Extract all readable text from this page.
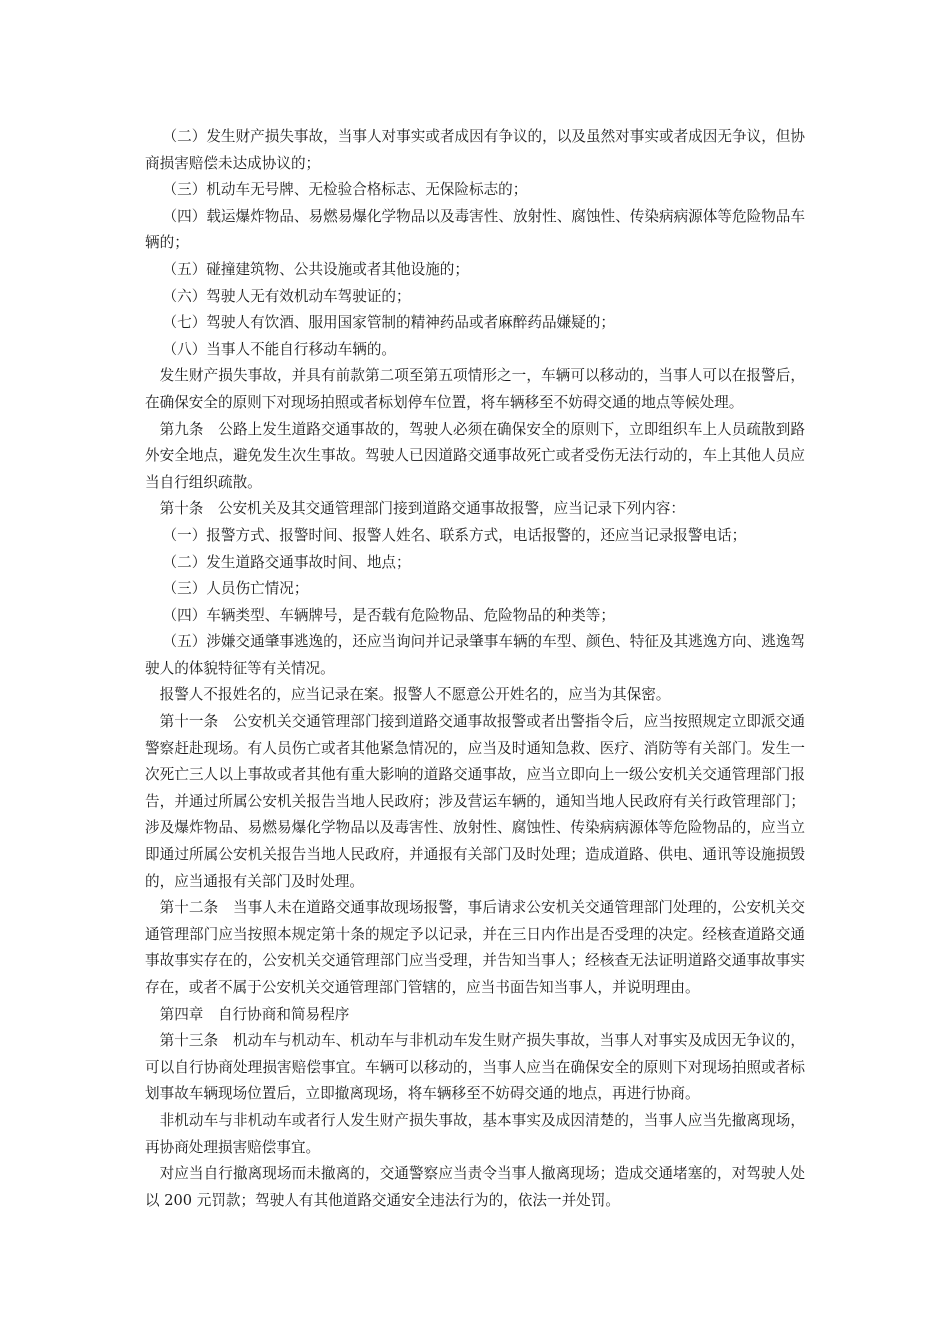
（二）发生财产损失事故，当事人对事实或者成因有争议的，以及虽然对事实或者成因无争议，但协商损害赔偿未达成协议的；

（三）机动车无号牌、无检验合格标志、无保险标志的；

（四）载运爆炸物品、易燃易爆化学物品以及毒害性、放射性、腐蚀性、传染病病源体等危险物品车辆的；

（五）碰撞建筑物、公共设施或者其他设施的；

（六）驾驶人无有效机动车驾驶证的；

（七）驾驶人有饮酒、服用国家管制的精神药品或者麻醉药品嫌疑的；

（八）当事人不能自行移动车辆的。

发生财产损失事故，并具有前款第二项至第五项情形之一，车辆可以移动的，当事人可以在报警后，在确保安全的原则下对现场拍照或者标划停车位置，将车辆移至不妨碍交通的地点等候处理。

第九条　公路上发生道路交通事故的，驾驶人必须在确保安全的原则下，立即组织车上人员疏散到路外安全地点，避免发生次生事故。驾驶人已因道路交通事故死亡或者受伤无法行动的，车上其他人员应当自行组织疏散。

第十条　公安机关及其交通管理部门接到道路交通事故报警，应当记录下列内容：

（一）报警方式、报警时间、报警人姓名、联系方式，电话报警的，还应当记录报警电话；

（二）发生道路交通事故时间、地点；

（三）人员伤亡情况；

（四）车辆类型、车辆牌号，是否载有危险物品、危险物品的种类等；

（五）涉嫌交通肇事逃逸的，还应当询问并记录肇事车辆的车型、颜色、特征及其逃逸方向、逃逸驾驶人的体貌特征等有关情况。

报警人不报姓名的，应当记录在案。报警人不愿意公开姓名的，应当为其保密。

第十一条　公安机关交通管理部门接到道路交通事故报警或者出警指令后，应当按照规定立即派交通警察赶赴现场。有人员伤亡或者其他紧急情况的，应当及时通知急救、医疗、消防等有关部门。发生一次死亡三人以上事故或者其他有重大影响的道路交通事故，应当立即向上一级公安机关交通管理部门报告，并通过所属公安机关报告当地人民政府；涉及营运车辆的，通知当地人民政府有关行政管理部门；涉及爆炸物品、易燃易爆化学物品以及毒害性、放射性、腐蚀性、传染病病源体等危险物品的，应当立即通过所属公安机关报告当地人民政府，并通报有关部门及时处理；造成道路、供电、通讯等设施损毁的，应当通报有关部门及时处理。

第十二条　当事人未在道路交通事故现场报警，事后请求公安机关交通管理部门处理的，公安机关交通管理部门应当按照本规定第十条的规定予以记录，并在三日内作出是否受理的决定。经核查道路交通事故事实存在的，公安机关交通管理部门应当受理，并告知当事人；经核查无法证明道路交通事故事实存在，或者不属于公安机关交通管理部门管辖的，应当书面告知当事人，并说明理由。

第四章　自行协商和简易程序

第十三条　机动车与机动车、机动车与非机动车发生财产损失事故，当事人对事实及成因无争议的，可以自行协商处理损害赔偿事宜。车辆可以移动的，当事人应当在确保安全的原则下对现场拍照或者标划事故车辆现场位置后，立即撤离现场，将车辆移至不妨碍交通的地点，再进行协商。

非机动车与非机动车或者行人发生财产损失事故，基本事实及成因清楚的，当事人应当先撤离现场，再协商处理损害赔偿事宜。

对应当自行撤离现场而未撤离的，交通警察应当责令当事人撤离现场；造成交通堵塞的，对驾驶人处以 200 元罚款；驾驶人有其他道路交通安全违法行为的，依法一并处罚。
